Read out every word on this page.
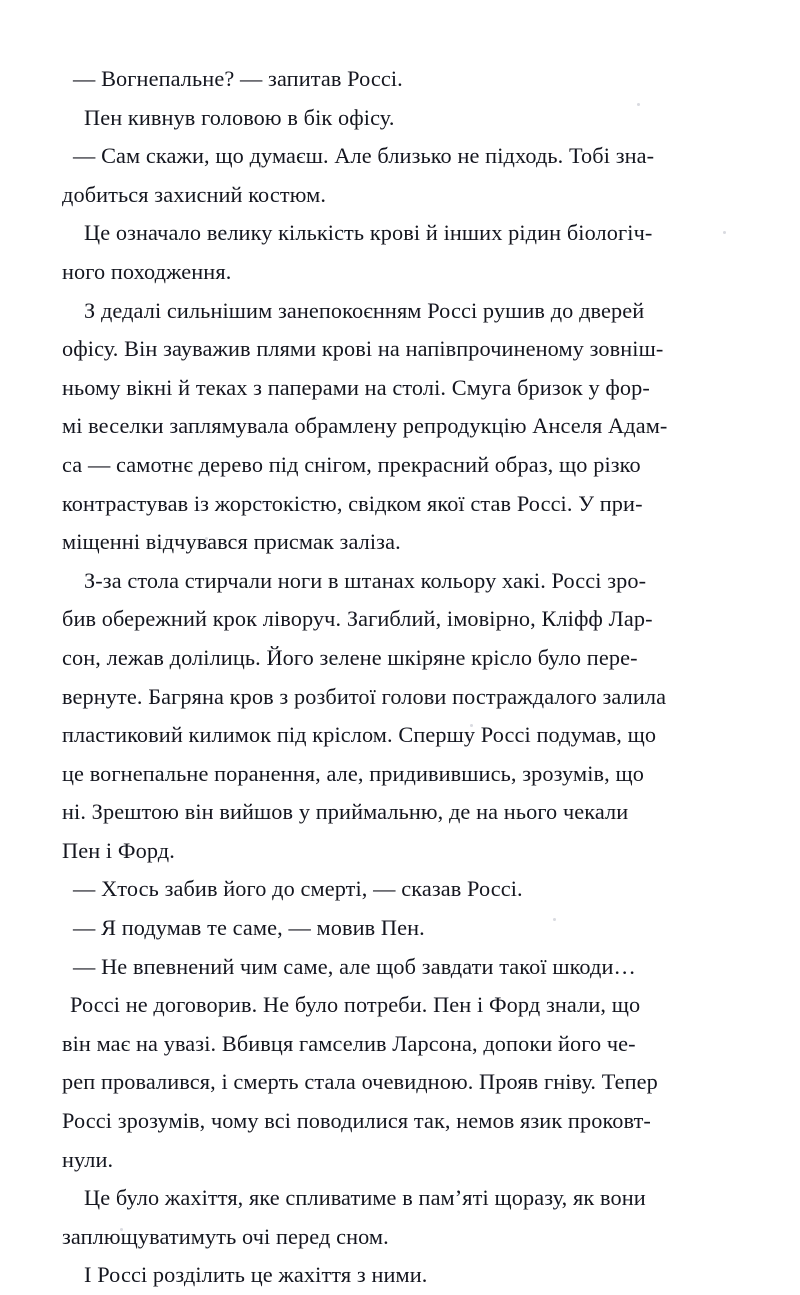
— Вогнепальне? — запитав Россі.
Пен кивнув головою в бік офісу.
— Сам скажи, що думаєш. Але близько не підходь. Тобі зна-
добиться захисний костюм.
Це означало велику кількість крові й інших рідин біологіч-
ного походження.
З дедалі сильнішим занепокоєнням Россі рушив до дверей
офісу. Він зауважив плями крові на напівпрочиненому зовніш-
ньому вікні й теках з паперами на столі. Смуга бризок у фор-
мі веселки заплямувала обрамлену репродукцію Анселя Адам-
са — самотнє дерево під снігом, прекрасний образ, що різко
контрастував із жорстокістю, свідком якої став Россі. У при-
міщенні відчувався присмак заліза.
З-за стола стирчали ноги в штанах кольору хакі. Россі зро-
бив обережний крок ліворуч. Загиблий, імовірно, Кліфф Лар-
сон, лежав долілиць. Його зелене шкіряне крісло було пере-
вернуте. Багряна кров з розбитої голови постраждалого залила
пластиковий килимок під кріслом. Спершу Россі подумав, що
це вогнепальне поранення, але, придивившись, зрозумів, що
ні. Зрештою він вийшов у приймальню, де на нього чекали
Пен і Форд.
— Хтось забив його до смерті, — сказав Россі.
— Я подумав те саме, — мовив Пен.
— Не впевнений чим саме, але щоб завдати такої шкоди…
Россі не договорив. Не було потреби. Пен і Форд знали, що
він має на увазі. Вбивця гамселив Ларсона, допоки його че-
реп провалився, і смерть стала очевидною. Прояв гніву. Тепер
Россі зрозумів, чому всі поводилися так, немов язик проковт-
нули.
Це було жахіття, яке спливатиме в пам’яті щоразу, як вони
заплющуватимуть очі перед сном.
І Россі розділить це жахіття з ними.
